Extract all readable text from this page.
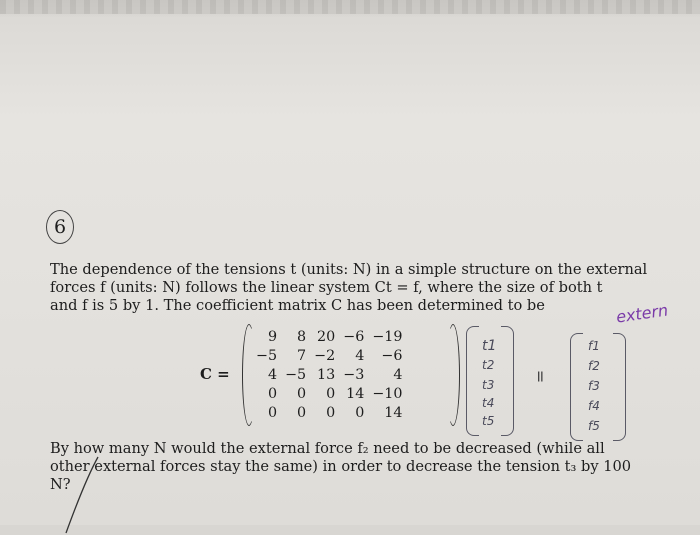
6
The dependence of the tensions t (units: N) in a simple structure on the external
forces f (units: N) follows the linear system Ct = f, where the size of both t
and f is 5 by 1. The coefficient matrix C has been determined to be	extern
C =
9	8	20	−6	−19
−5	7	−2	4	−6
4	−5	13	−3	4
0	0	0	14	−10
0	0	0	0	14
t1
t2
t3
t4
t5
=
f1
f2
f3
f4
f5
By how many N would the external force f₂ need to be decreased (while all
other external forces stay the same) in order to decrease the tension t₃ by 100
N?
